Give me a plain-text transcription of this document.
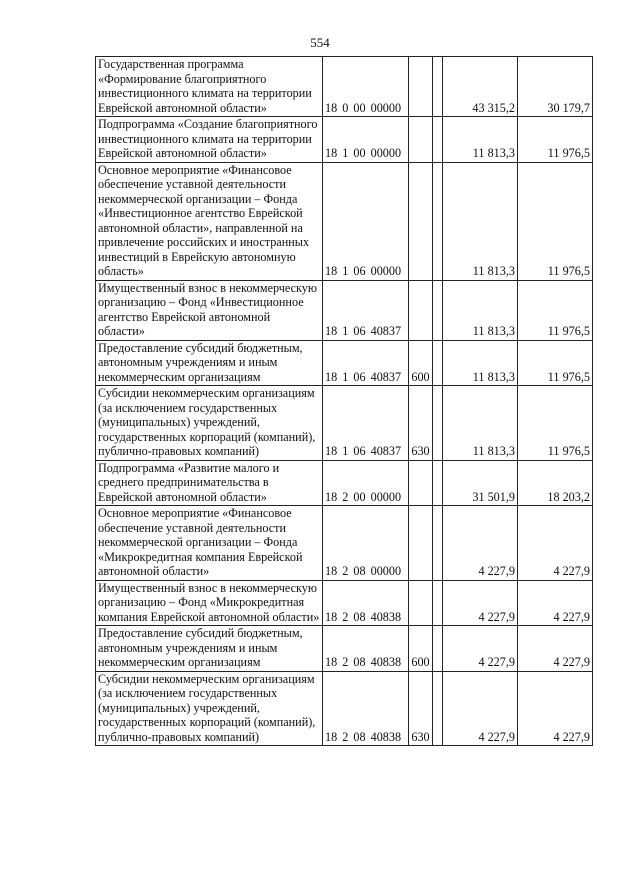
554
Государственная программа «Формирование благоприятного инвестиционного климата на территории Еврейской автономной области»	18 0 00 00000			43 315,2	30 179,7
Подпрограмма «Создание благоприятного инвестиционного климата на территории Еврейской автономной области»	18 1 00 00000			11 813,3	11 976,5
Основное мероприятие «Финансовое обеспечение уставной деятельности некоммерческой организации – Фонда «Инвестиционное агентство Еврейской автономной области», направленной на привлечение российских и иностранных инвестиций в Еврейскую автономную область»	18 1 06 00000			11 813,3	11 976,5
Имущественный взнос в некоммерческую организацию – Фонд «Инвестиционное агентство Еврейской автономной области»	18 1 06 40837			11 813,3	11 976,5
Предоставление субсидий бюджетным, автономным учреждениям и иным некоммерческим организациям	18 1 06 40837	600		11 813,3	11 976,5
Субсидии некоммерческим организациям (за исключением государственных (муниципальных) учреждений, государственных корпораций (компаний), публично-правовых компаний)	18 1 06 40837	630		11 813,3	11 976,5
Подпрограмма «Развитие малого и среднего предпринимательства в Еврейской автономной области»	18 2 00 00000			31 501,9	18 203,2
Основное мероприятие «Финансовое обеспечение уставной деятельности некоммерческой организации – Фонда «Микрокредитная компания Еврейской автономной области»	18 2 08 00000			4 227,9	4 227,9
Имущественный взнос в некоммерческую организацию – Фонд «Микрокредитная компания Еврейской автономной области»	18 2 08 40838			4 227,9	4 227,9
Предоставление субсидий бюджетным, автономным учреждениям и иным некоммерческим организациям	18 2 08 40838	600		4 227,9	4 227,9
Субсидии некоммерческим организациям (за исключением государственных (муниципальных) учреждений, государственных корпораций (компаний), публично-правовых компаний)	18 2 08 40838	630		4 227,9	4 227,9
